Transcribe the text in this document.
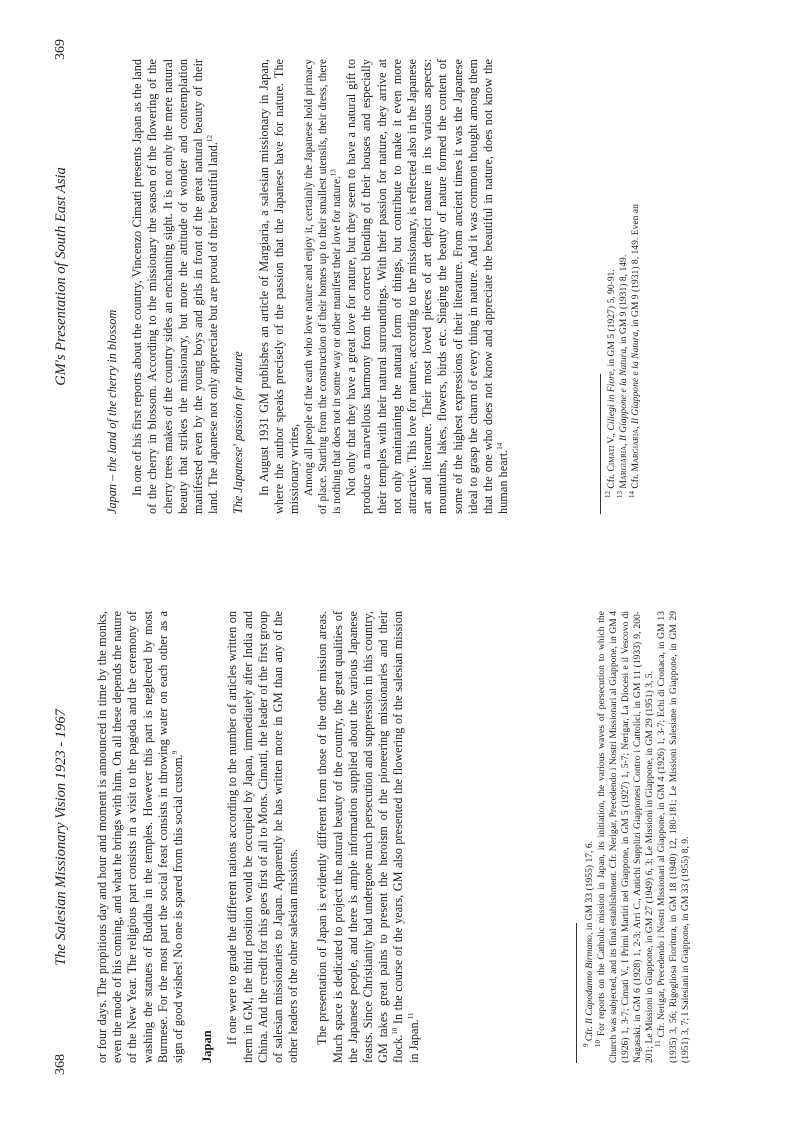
368
The Salesian Missionary Vision 1923 - 1967 or four days. The propitious day and hour and moment is announced in time by the monks, even the mode of his coming, and what he brings with him. On all these depends the nature of the New Year. The religious part consists in a visit to the pagoda and the ceremony of washing the statues of Buddha in the temples. However this part is neglected by most Burmese. For the most part the social feast consists in throwing water on each other as a sign of good wishes! No one is spared from this social custom.$^9$

Japan

If one were to grade the different nations according to the number of articles written on them in GM, the third position would be occupied by Japan, immediately after India and China. And the credit for this goes first of all to Mons. Cimatti, the leader of the first group of salesian missionaries to Japan. Apparently he has written more in GM than any of the other leaders of the other salesian missions. The presentation of Japan is evidently different from those of the other mission areas. Much space is dedicated to project the natural beauty of the country, the great qualities of the Japanese people, and there is ample information supplied about the various Japanese feasts. Since Christianity had undergone much persecution and suppression in this country, GM takes great pains to present the heroism of the pioneering missionaries and their flock.$^{10}$ In the course of the years, GM also presented the flowering of the salesian mission in Japan.$^{11}$

$^9$ Cfr. Il Capodanno Birmano, in GM 33 (1955) 17, 6.

$^{10}$ For reports on the Catholic mission in Japan, its initiation, the various waves of persecution to which the Church was subjected, and its final establishment. Cfr. Nerigar, Precedendo i Nostri Missionari al Giappone, in GM 4 (1926) 1, 3-7; Cimati V., I Primi Martiri nel Giappone, in GM 5 (1927) 1, 5-7; Nerigar, La Diocesi e il Vescovo di Nagasaki, in GM 6 (1928) 1, 2-3; Arri C., Antichi Supplizi Giapponesi Contro i Cattolici, in GM 11 (1933) 9, 200-201; Le Missioni in Giappone, in GM 27 (1949) 6, 3; Le Missioni in Giappone, in GM 29 (1951) 3, 5.

$^{11}$ Cfr. Nerigar, Precedendo i Nostri Missionari al Giappone, in GM 4 (1926) 1, 3-7; Echi di Cronaca, in GM 13 (1935) 3, 56; Rigogliosa Fioritura, in GM 18 (1940) 12, 180-181; Le Missioni Salesiane in Giappone, in GM 29 (1951) 3, 7; I Salesiani in Giappone, in GM 33 (1955) 8, 9.

GM's Presentation of South East Asia
369
Japan – the land of the cherry in blossom In one of his first reports about the country, Vincenzo Cimatti presents Japan as the land of the cherry in blossom. According to the missionary the season of the flowering of the cherry trees makes of the country sides an enchanting sight. It is not only the mere natural beauty that strikes the missionary, but more the attitude of wonder and contemplation manifested even by the young boys and girls in front of the great natural beauty of their land. The Japanese not only appreciate but are proud of their beautiful land.$^{12}$

The Japanese' passion for nature In August 1931 GM publishes an article of Margiaria, a salesian missionary in Japan, where the author speaks precisely of the passion that the Japanese have for nature. The missionary writes, Among all people of the earth who love nature and enjoy it, certainly the Japanese hold primacy of place. Starting from the construction of their homes up to their smallest utensils, their dress, there is nothing that does not in some way or other manifest their love for nature.$^{13}$ Not only that they have a great love for nature, but they seem to have a natural gift to produce a marvellous harmony from the correct blending of their houses and especially their temples with their natural surroundings. With their passion for nature, they arrive at not only maintaining the natural form of things, but contribute to make it even more attractive. This love for nature, according to the missionary, is reflected also in the Japanese art and literature. Their most loved pieces of art depict nature in its various aspects: mountains, lakes, flowers, birds etc. Singing the beauty of nature formed the content of some of the highest expressions of their literature. From ancient times it was the Japanese ideal to grasp the charm of every thing in nature. And it was common thought among them that the one who does not know and appreciate the beautiful in nature, does not know the human heart.$^{14}$

$^{12}$ Cfr. Cimati V., Ciliegi in Fiore, in GM 5 (1927) 5, 90-91.

$^{13}$ Margiaria, Il Giappone e la Natura, in GM 9 (1931) 8, 149.

$^{14}$ Cfr. Margiaria, Il Giappone e la Natura, in GM 9 (1931) 8, 149. Even an
